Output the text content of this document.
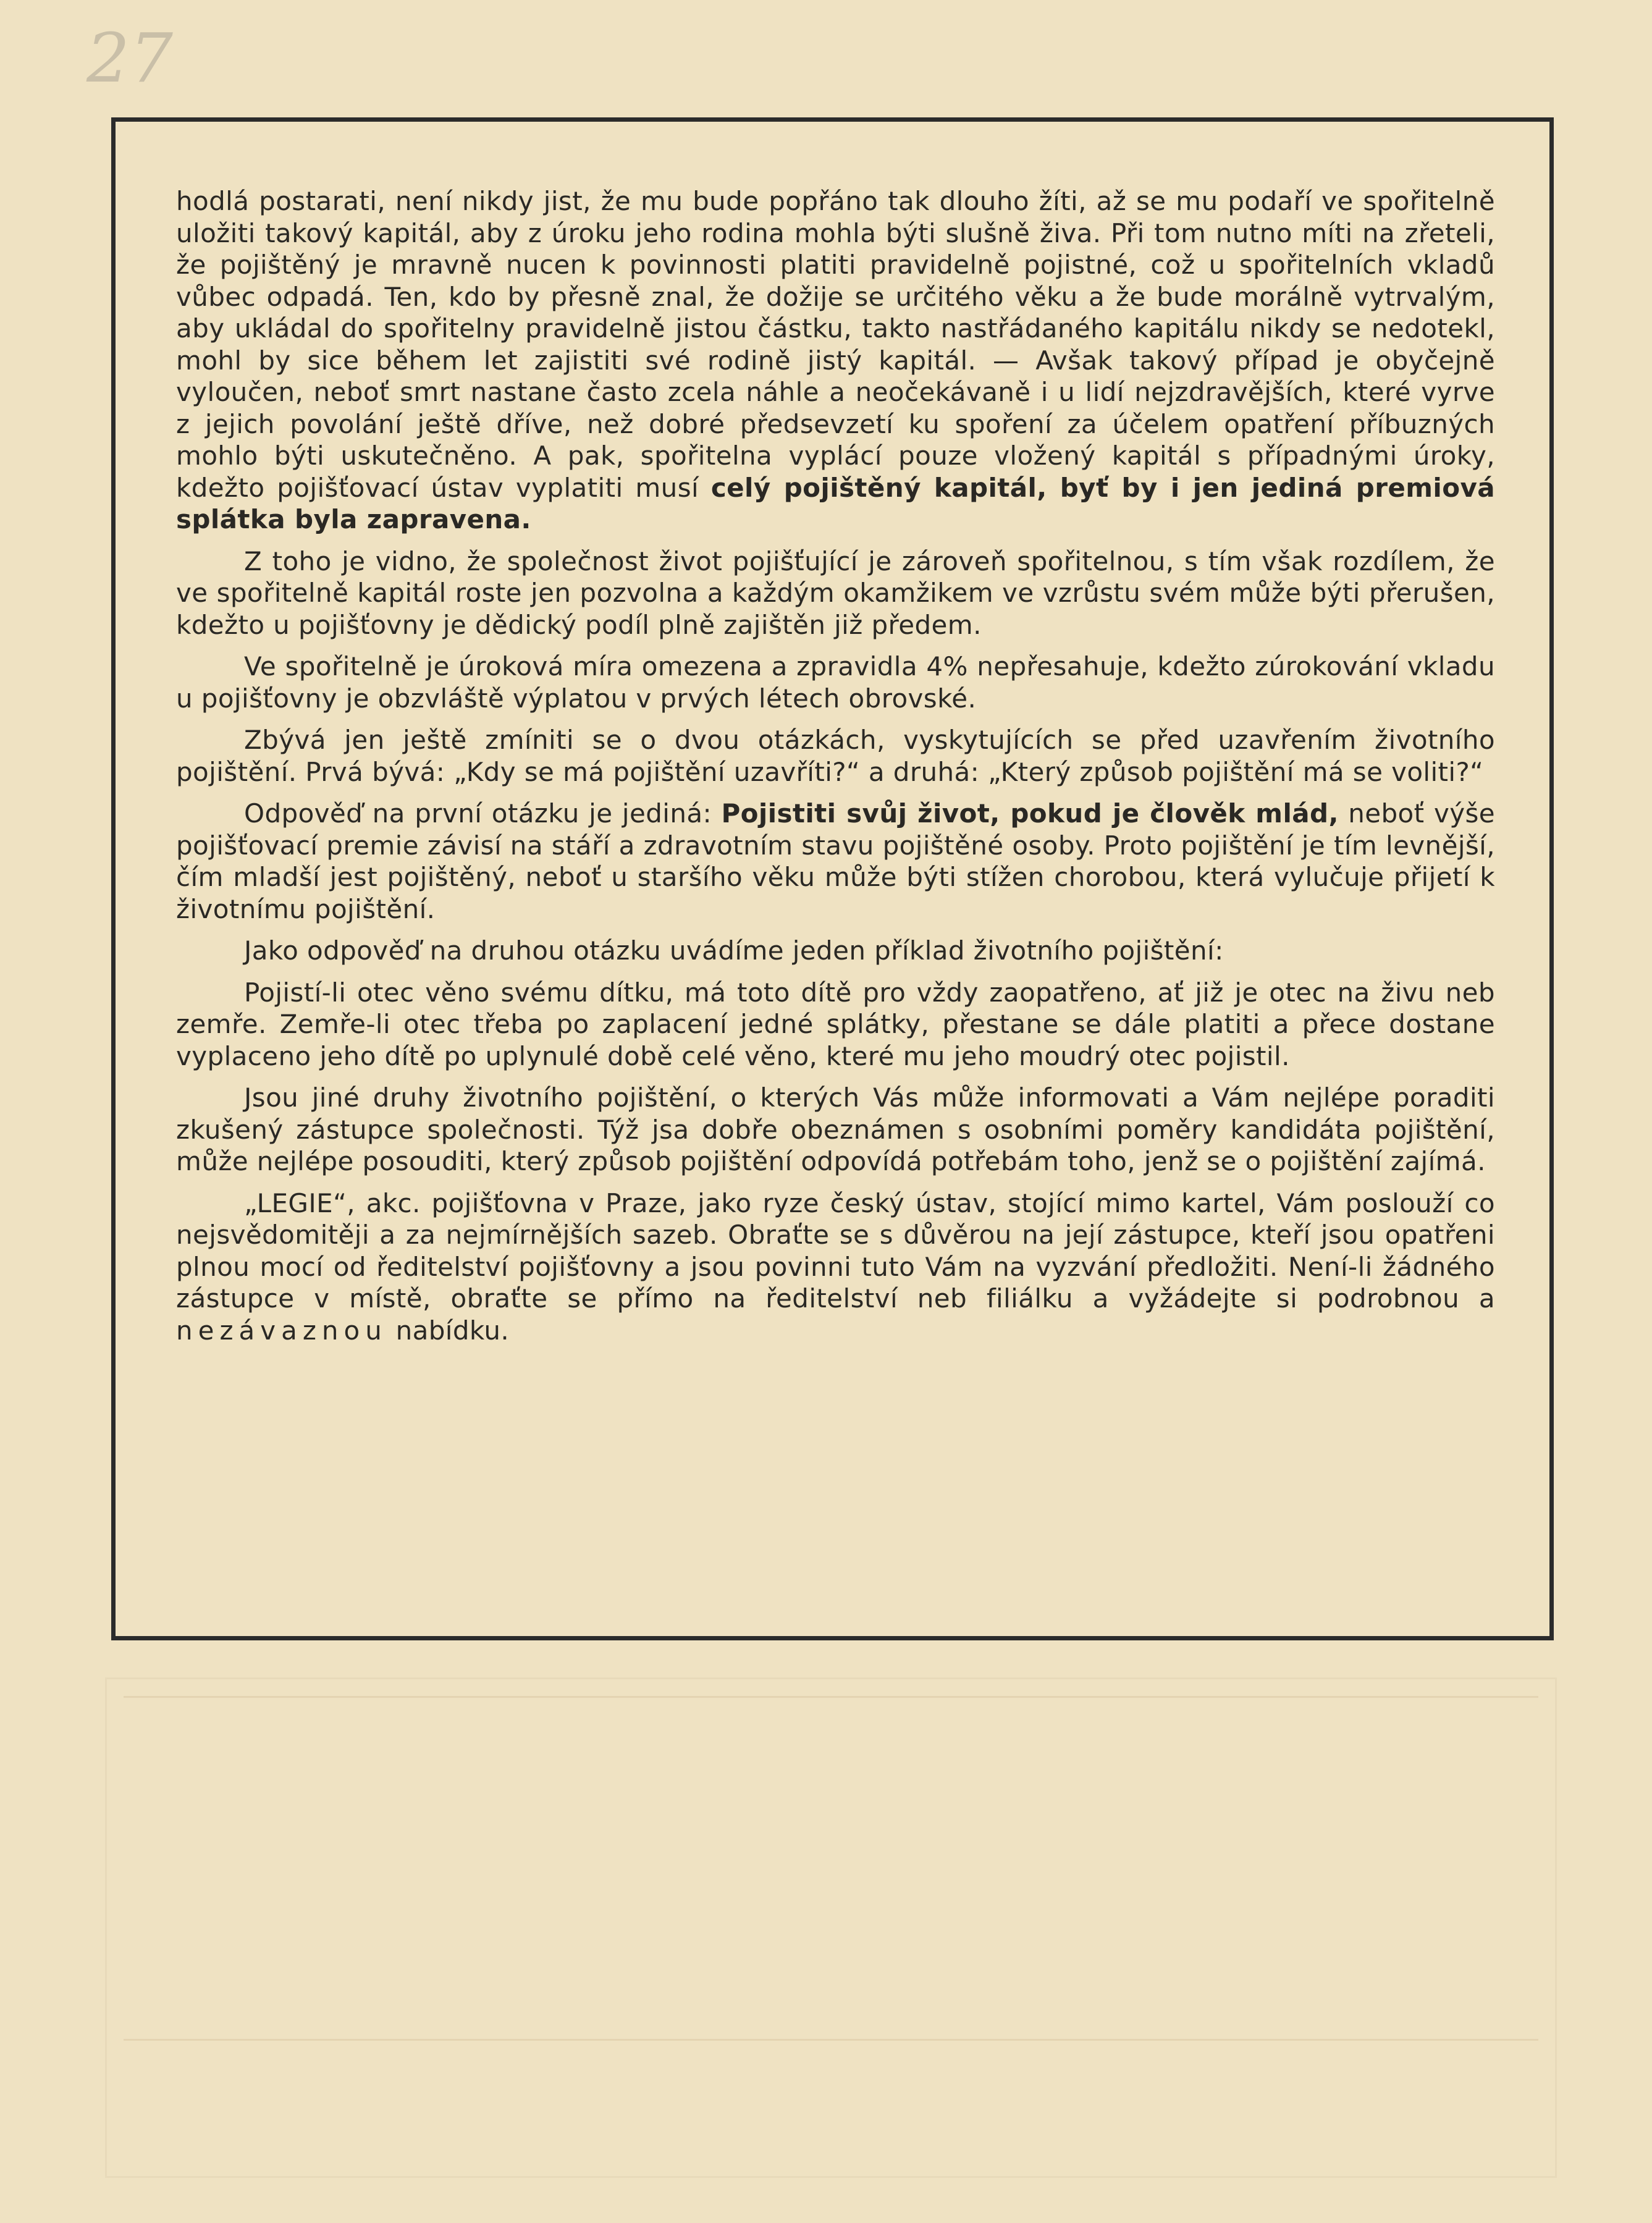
27

hodlá postarati, není nikdy jist, že mu bude popřáno tak dlouho žíti, až se mu podaří ve spořitelně uložiti takový kapitál, aby z úroku jeho rodina mohla býti slušně živa. Při tom nutno míti na zřeteli, že pojištěný je mravně nucen k povinnosti platiti pravidelně pojistné, což u spořitelních vkladů vůbec odpadá. Ten, kdo by přesně znal, že dožije se určitého věku a že bude morálně vytrvalým, aby ukládal do spořitelny pravidelně jistou částku, takto nastřádaného kapitálu nikdy se nedotekl, mohl by sice během let zajistiti své rodině jistý kapitál. — Avšak takový případ je obyčejně vyloučen, neboť smrt nastane často zcela náhle a neočekávaně i u lidí nejzdravějších, které vyrve z jejich povolání ještě dříve, než dobré předsevzetí ku spoření za účelem opatření příbuzných mohlo býti uskutečněno. A pak, spořitelna vyplácí pouze vložený kapitál s případnými úroky, kdežto pojišťovací ústav vyplatiti musí celý pojištěný kapitál, byť by i jen jediná premiová splátka byla zapravena.

Z toho je vidno, že společnost život pojišťující je zároveň spořitelnou, s tím však rozdílem, že ve spořitelně kapitál roste jen pozvolna a každým okamžikem ve vzrůstu svém může býti přerušen, kdežto u pojišťovny je dědický podíl plně zajištěn již předem.

Ve spořitelně je úroková míra omezena a zpravidla 4% nepřesahuje, kdežto zúrokování vkladu u pojišťovny je obzvláště výplatou v prvých létech obrovské.

Zbývá jen ještě zmíniti se o dvou otázkách, vyskytujících se před uzavřením životního pojištění. Prvá bývá: „Kdy se má pojištění uzavříti?“ a druhá: „Který způsob pojištění má se voliti?“

Odpověď na první otázku je jediná: Pojistiti svůj život, pokud je člověk mlád, neboť výše pojišťovací premie závisí na stáří a zdravotním stavu pojištěné osoby. Proto pojištění je tím levnější, čím mladší jest pojištěný, neboť u staršího věku může býti stížen chorobou, která vylučuje přijetí k životnímu pojištění.

Jako odpověď na druhou otázku uvádíme jeden příklad životního pojištění:

Pojistí-li otec věno svému dítku, má toto dítě pro vždy zaopatřeno, ať již je otec na živu neb zemře. Zemře-li otec třeba po zaplacení jedné splátky, přestane se dále platiti a přece dostane vyplaceno jeho dítě po uplynulé době celé věno, které mu jeho moudrý otec pojistil.

Jsou jiné druhy životního pojištění, o kterých Vás může informovati a Vám nejlépe poraditi zkušený zástupce společnosti. Týž jsa dobře obeznámen s osobními poměry kandidáta pojištění, může nejlépe posouditi, který způsob pojištění odpovídá potřebám toho, jenž se o pojištění zajímá.

„LEGIE“, akc. pojišťovna v Praze, jako ryze český ústav, stojící mimo kartel, Vám poslouží co nejsvědomitěji a za nejmírnějších sazeb. Obraťte se s důvěrou na její zástupce, kteří jsou opatřeni plnou mocí od ředitelství pojišťovny a jsou povinni tuto Vám na vyzvání předložiti. Není-li žádného zástupce v místě, obraťte se přímo na ředitelství neb filiálku a vyžádejte si podrobnou a nezávaznou nabídku.
